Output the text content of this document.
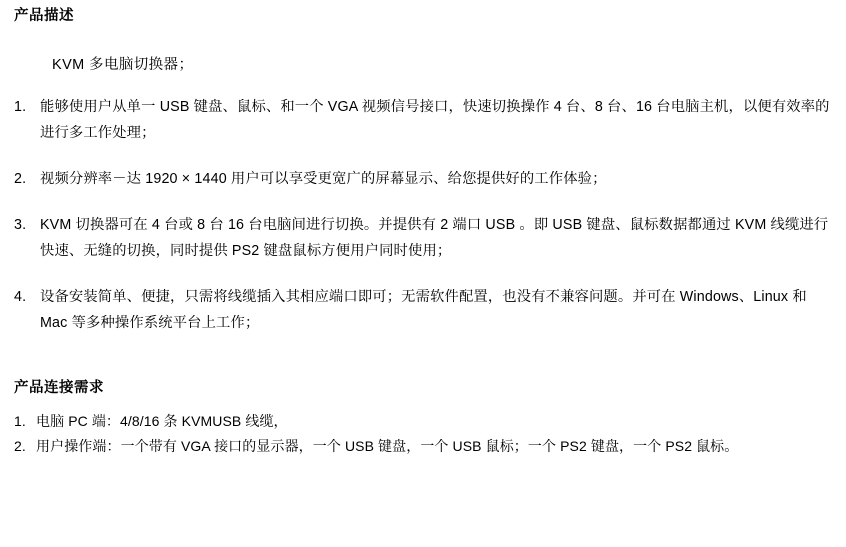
产品描述

KVM 多电脑切换器；

1. 能够使用户从单一 USB 键盘、鼠标、和一个 VGA 视频信号接口，快速切换操作 4 台、8 台、16 台电脑主机，以便有效率的进行多工作处理；
2. 视频分辨率－达 1920 × 1440 用户可以享受更宽广的屏幕显示、给您提供好的工作体验；
3. KVM 切换器可在 4 台或 8 台 16 台电脑间进行切换。并提供有 2 端口 USB 。即 USB 键盘、鼠标数据都通过 KVM 线缆进行快速、无缝的切换，同时提供 PS2 键盘鼠标方便用户同时使用；
4. 设备安装简单、便捷，只需将线缆插入其相应端口即可；无需软件配置，也没有不兼容问题。并可在 Windows、Linux 和 Mac 等多种操作系统平台上工作；
产品连接需求
1. 电脑 PC 端：4/8/16 条 KVMUSB 线缆，
2. 用户操作端：一个带有 VGA 接口的显示器，一个 USB 键盘，一个 USB 鼠标；一个 PS2 键盘，一个 PS2 鼠标。
